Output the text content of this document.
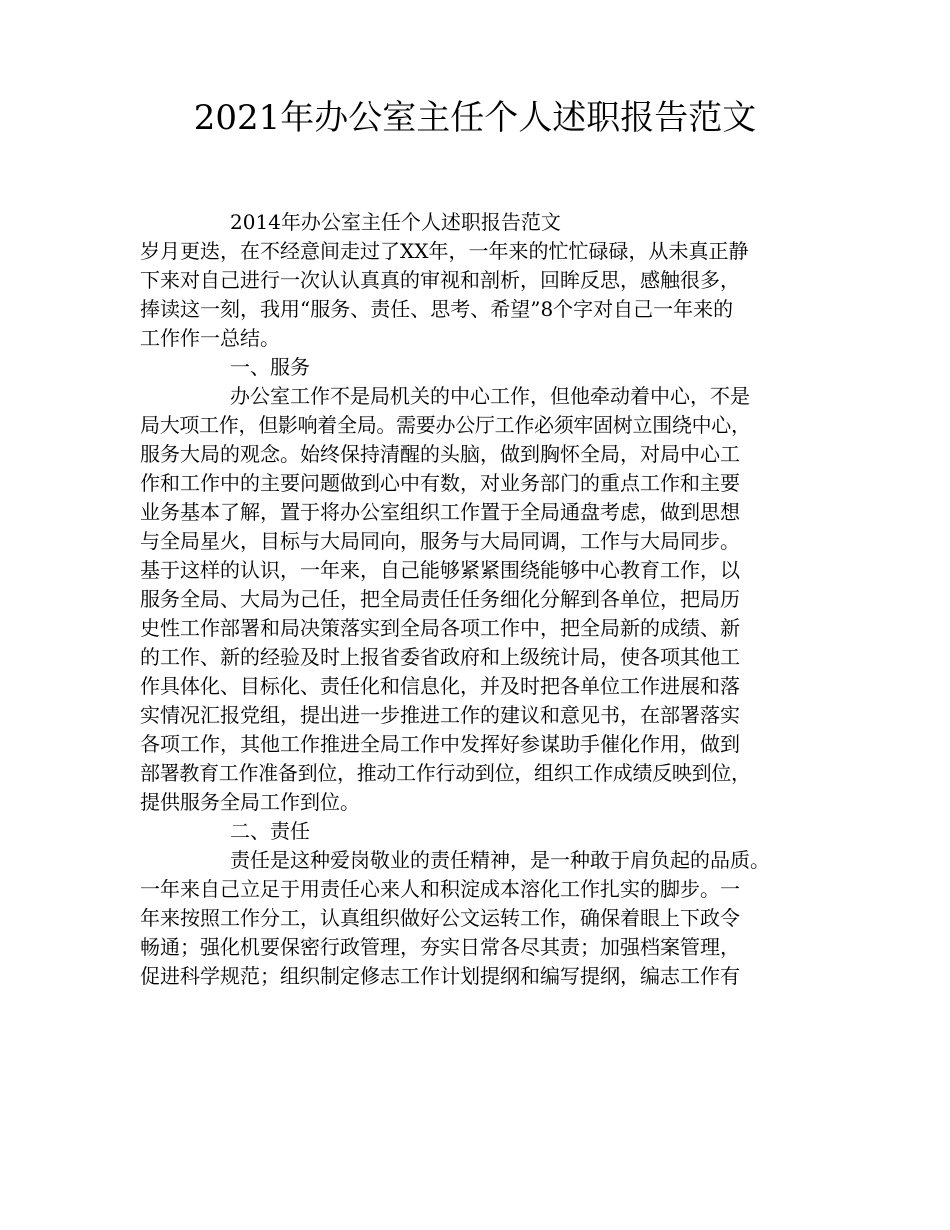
2021年办公室主任个人述职报告范文
2014年办公室主任个人述职报告范文
岁月更迭，在不经意间走过了XX年，一年来的忙忙碌碌，从未真正静
下来对自己进行一次认认真真的审视和剖析，回眸反思，感触很多，
捧读这一刻，我用“服务、责任、思考、希望”8个字对自己一年来的
工作作一总结。
一、服务
办公室工作不是局机关的中心工作，但他牵动着中心，不是
局大项工作，但影响着全局。需要办公厅工作必须牢固树立围绕中心，
服务大局的观念。始终保持清醒的头脑，做到胸怀全局，对局中心工
作和工作中的主要问题做到心中有数，对业务部门的重点工作和主要
业务基本了解，置于将办公室组织工作置于全局通盘考虑，做到思想
与全局星火，目标与大局同向，服务与大局同调，工作与大局同步。
基于这样的认识，一年来，自己能够紧紧围绕能够中心教育工作，以
服务全局、大局为己任，把全局责任任务细化分解到各单位，把局历
史性工作部署和局决策落实到全局各项工作中，把全局新的成绩、新
的工作、新的经验及时上报省委省政府和上级统计局，使各项其他工
作具体化、目标化、责任化和信息化，并及时把各单位工作进展和落
实情况汇报党组，提出进一步推进工作的建议和意见书，在部署落实
各项工作，其他工作推进全局工作中发挥好参谋助手催化作用，做到
部署教育工作准备到位，推动工作行动到位，组织工作成绩反映到位，
提供服务全局工作到位。
二、责任
责任是这种爱岗敬业的责任精神，是一种敢于肩负起的品质。
一年来自己立足于用责任心来人和积淀成本溶化工作扎实的脚步。一
年来按照工作分工，认真组织做好公文运转工作，确保着眼上下政令
畅通；强化机要保密行政管理，夯实日常各尽其责；加强档案管理，
促进科学规范；组织制定修志工作计划提纲和编写提纲，编志工作有
